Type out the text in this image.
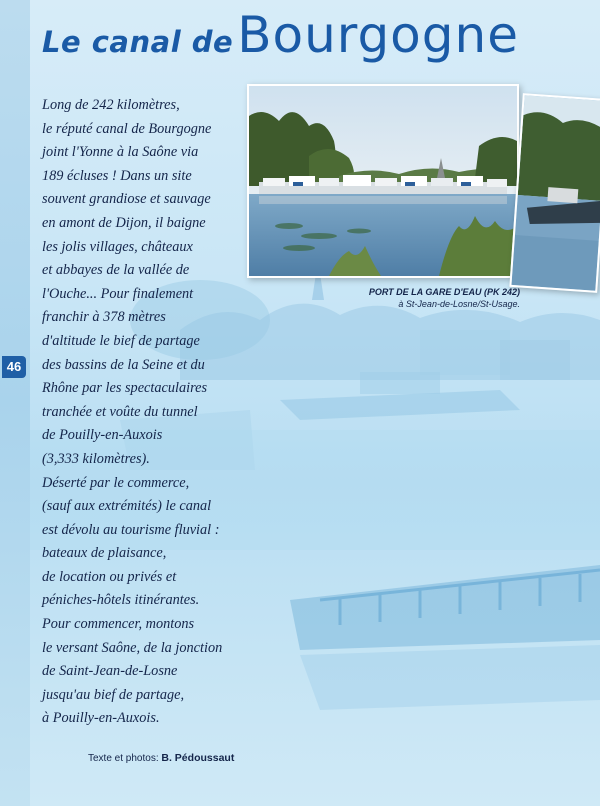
46
Le canal de Bourgogne
Long de 242 kilomètres,
le réputé canal de Bourgogne
joint l'Yonne à la Saône via
189 écluses ! Dans un site
souvent grandiose et sauvage
en amont de Dijon, il baigne
les jolis villages, châteaux
et abbayes de la vallée de
l'Ouche... Pour finalement
franchir à 378 mètres
d'altitude le bief de partage
des bassins de la Seine et du
Rhône par les spectaculaires
tranchée et voûte du tunnel
de Pouilly-en-Auxois
(3,333 kilomètres).
Déserté par le commerce,
(sauf aux extrémités) le canal
est dévolu au tourisme fluvial :
bateaux de plaisance,
de location ou privés et
péniches-hôtels itinérantes.
Pour commencer, montons
le versant Saône, de la jonction
de Saint-Jean-de-Losne
jusqu'au bief de partage,
à Pouilly-en-Auxois.
Texte et photos: B. Pédoussaut
PORT DE LA GARE D'EAU (PK 242)
à St-Jean-de-Losne/St-Usage.
